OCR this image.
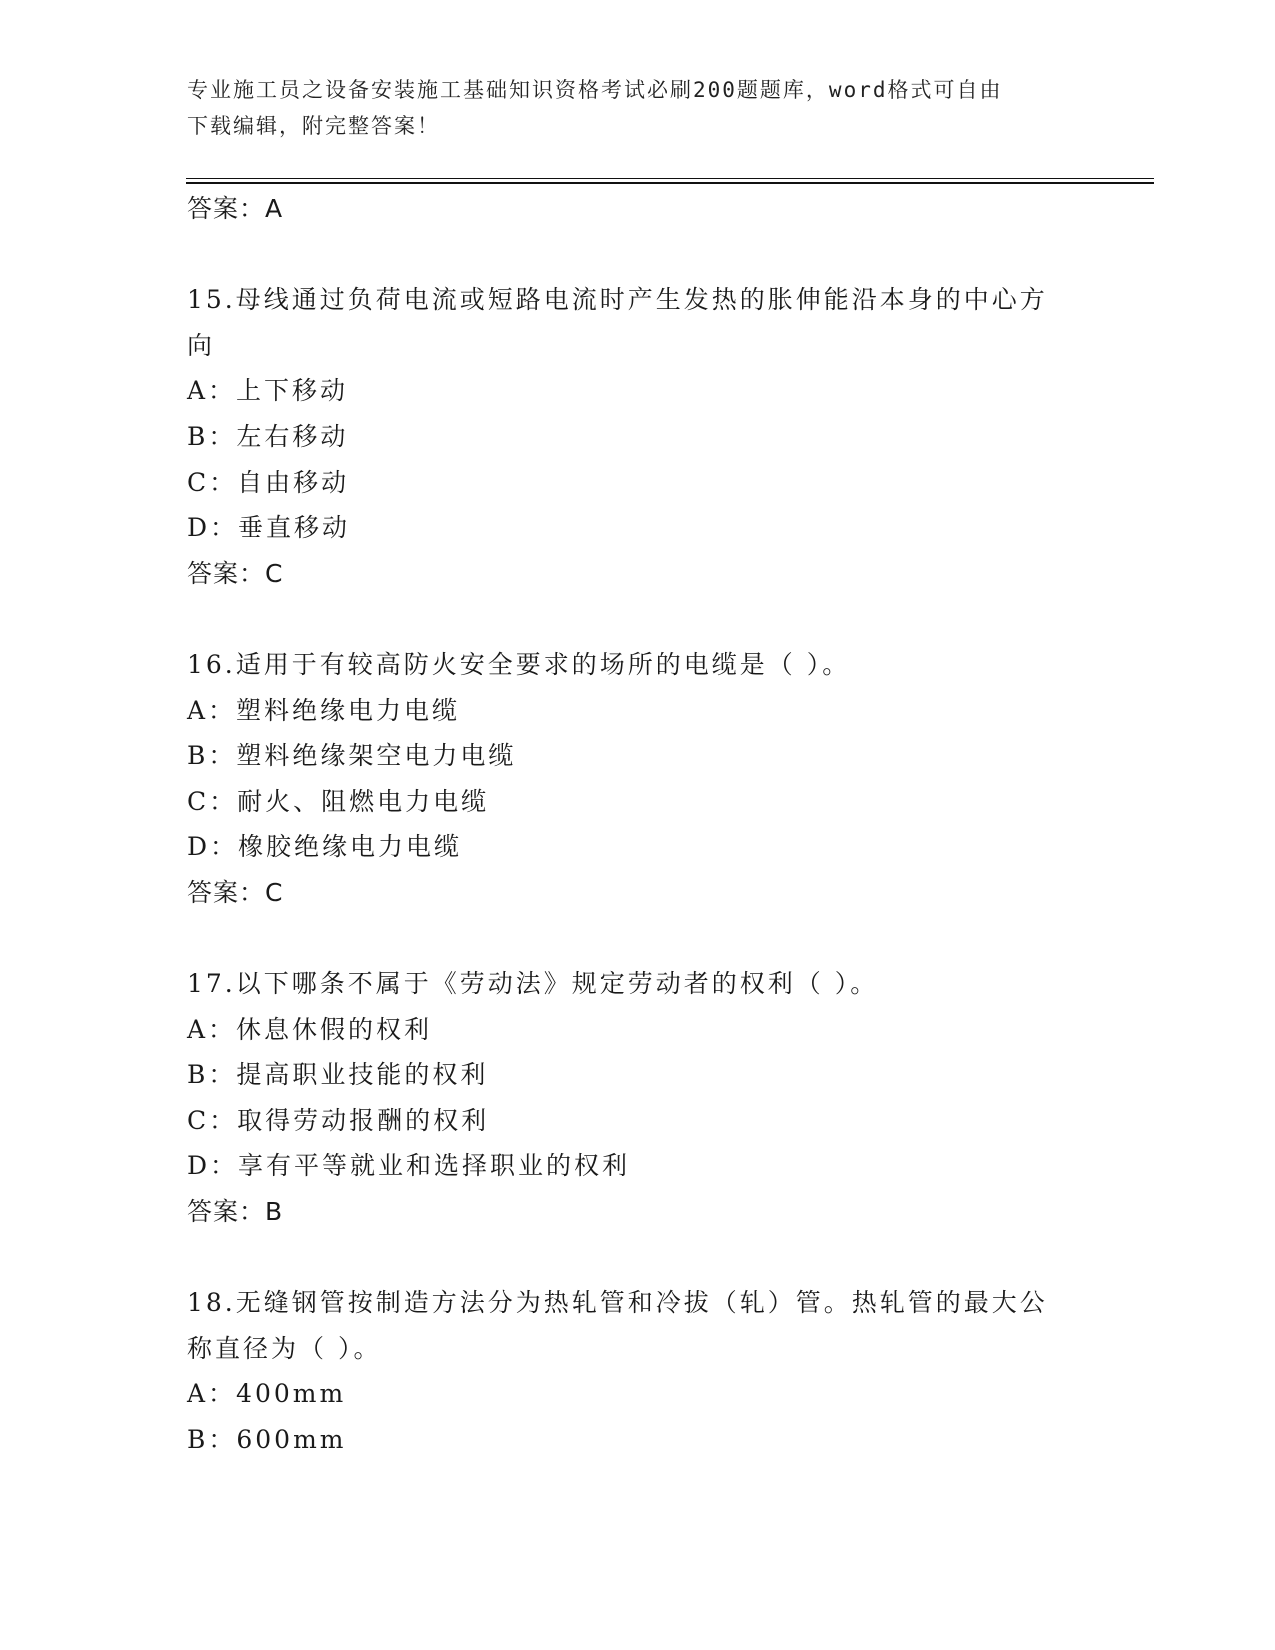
专业施工员之设备安装施工基础知识资格考试必刷200题题库，word格式可自由
下载编辑，附完整答案！
答案：A
15.母线通过负荷电流或短路电流时产生发热的胀伸能沿本身的中心方
向
A：上下移动
B：左右移动
C：自由移动
D：垂直移动
答案：C
16.适用于有较高防火安全要求的场所的电缆是（ ）。
A：塑料绝缘电力电缆
B：塑料绝缘架空电力电缆
C：耐火、阻燃电力电缆
D：橡胶绝缘电力电缆
答案：C
17.以下哪条不属于《劳动法》规定劳动者的权利（ ）。
A：休息休假的权利
B：提高职业技能的权利
C：取得劳动报酬的权利
D：享有平等就业和选择职业的权利
答案：B
18.无缝钢管按制造方法分为热轧管和冷拔（轧）管。热轧管的最大公
称直径为（ ）。
A：400mm
B：600mm
